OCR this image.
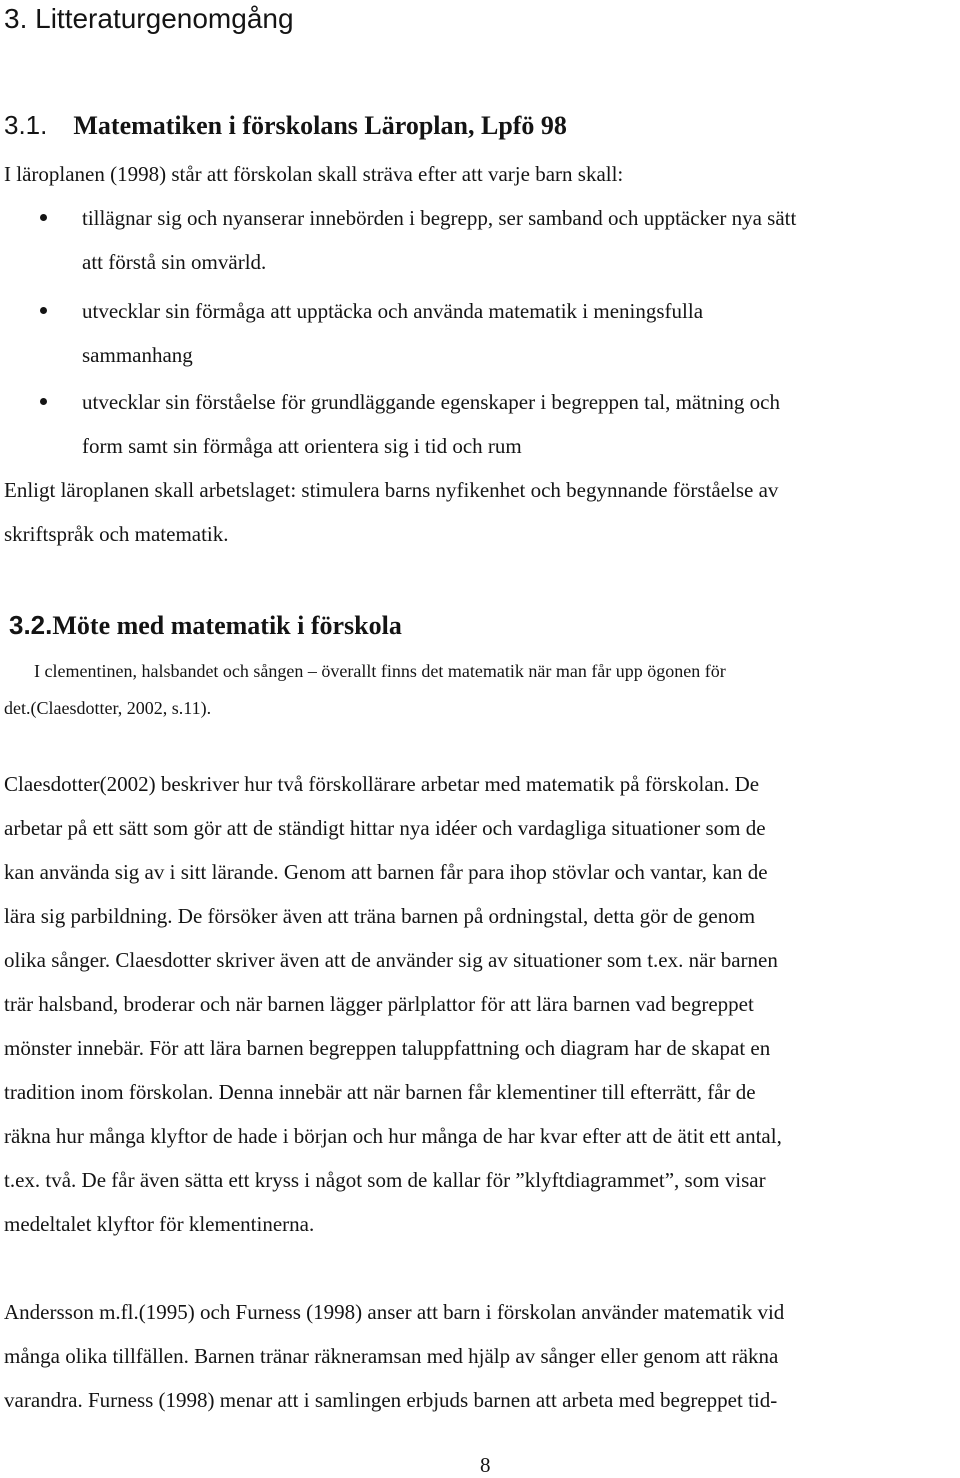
3. Litteraturgenomgång
3.1. Matematiken i förskolans Läroplan, Lpfö 98
I läroplanen (1998) står att förskolan skall sträva efter att varje barn skall:
tillägnar sig och nyanserar innebörden i begrepp, ser samband och upptäcker nya sätt
att förstå sin omvärld.
utvecklar sin förmåga att upptäcka och använda matematik i meningsfulla
sammanhang
utvecklar sin förståelse för grundläggande egenskaper i begreppen tal, mätning och
form samt sin förmåga att orientera sig i tid och rum
Enligt läroplanen skall arbetslaget: stimulera barns nyfikenhet och begynnande förståelse av
skriftspråk och matematik.
3.2.Möte med matematik i förskola
I clementinen, halsbandet och sången – överallt finns det matematik när man får upp ögonen för
det.(Claesdotter, 2002, s.11).
Claesdotter(2002) beskriver hur två förskollärare arbetar med matematik på förskolan. De
arbetar på ett sätt som gör att de ständigt hittar nya idéer och vardagliga situationer som de
kan använda sig av i sitt lärande. Genom att barnen får para ihop stövlar och vantar, kan de
lära sig parbildning. De försöker även att träna barnen på ordningstal, detta gör de genom
olika sånger. Claesdotter skriver även att de använder sig av situationer som t.ex. när barnen
trär halsband, broderar och när barnen lägger pärlplattor för att lära barnen vad begreppet
mönster innebär. För att lära barnen begreppen taluppfattning och diagram har de skapat en
tradition inom förskolan. Denna innebär att när barnen får klementiner till efterrätt, får de
räkna hur många klyftor de hade i början och hur många de har kvar efter att de ätit ett antal,
t.ex. två. De får även sätta ett kryss i något som de kallar för ”klyftdiagrammet”, som visar
medeltalet klyftor för klementinerna.
Andersson m.fl.(1995) och Furness (1998) anser att barn i förskolan använder matematik vid
många olika tillfällen. Barnen tränar räkneramsan med hjälp av sånger eller genom att räkna
varandra. Furness (1998) menar att i samlingen erbjuds barnen att arbeta med begreppet tid-
8
